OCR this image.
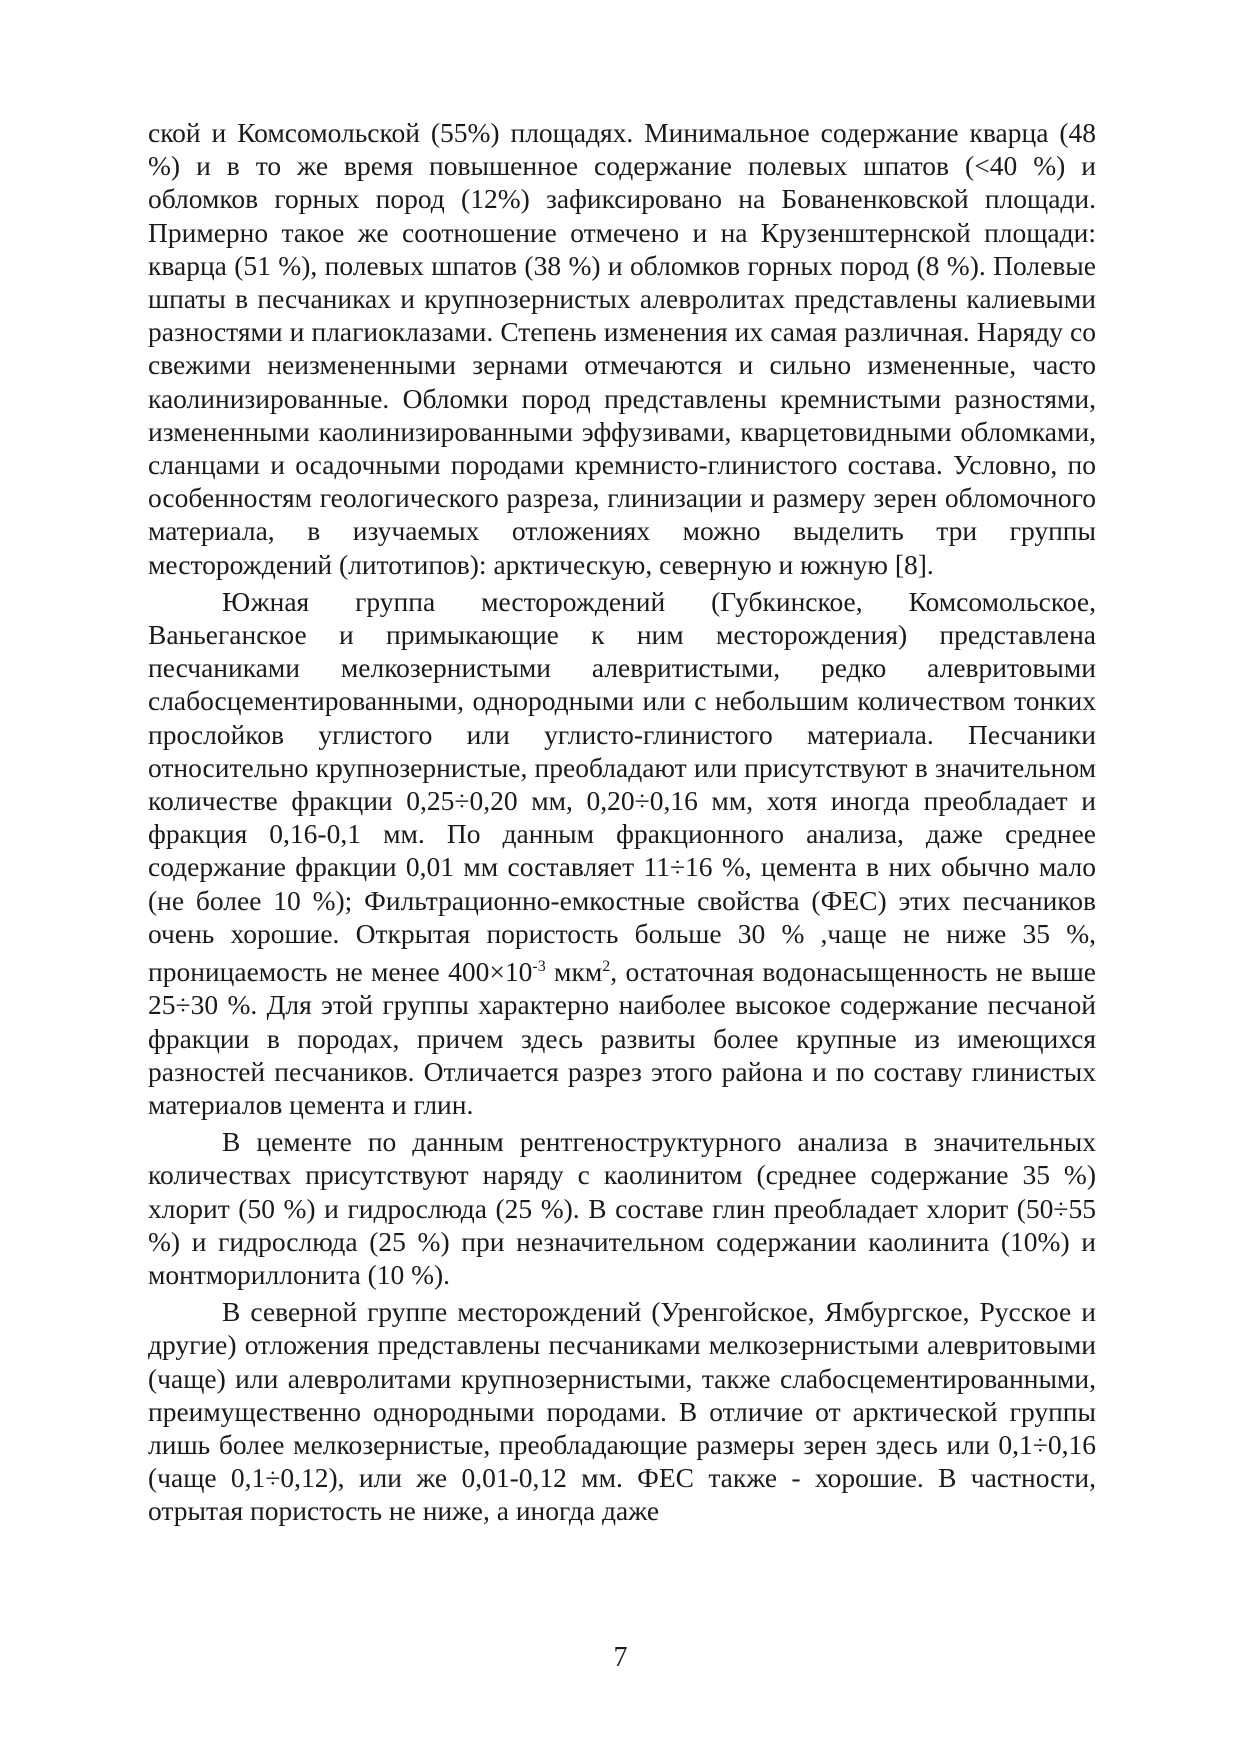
ской и Комсомольской (55%) площадях. Минимальное содержание кварца (48 %) и в то же время повышенное содержание полевых шпатов (<40 %) и обломков горных пород (12%) зафиксировано на Бованенковской площади. Примерно такое же соотношение отмечено и на Крузенштернской площади: кварца (51 %), полевых шпатов (38 %) и обломков горных пород (8 %). Полевые шпаты в песчаниках и крупнозернистых алевролитах представлены калиевыми разностями и плагиоклазами. Степень изменения их самая различная. Наряду со свежими неизмененными зернами отмечаются и сильно измененные, часто каолинизированные. Обломки пород представлены кремнистыми разностями, измененными каолинизированными эффузивами, кварцетовидными обломками, сланцами и осадочными породами кремнисто-глинистого состава. Условно, по особенностям геологического разреза, глинизации и размеру зерен обломочного материала, в изучаемых отложениях можно выделить три группы месторождений (литотипов): арктическую, северную и южную [8].

Южная группа месторождений (Губкинское, Комсомольское, Ваньеганское и примыкающие к ним месторождения) представлена песчаниками мелкозернистыми алевритистыми, редко алевритовыми слабосцементированными, однородными или с небольшим количеством тонких прослойков углистого или углисто-глинистого материала. Песчаники относительно крупнозернистые, преобладают или присутствуют в значительном количестве фракции 0,25÷0,20 мм, 0,20÷0,16 мм, хотя иногда преобладает и фракция 0,16-0,1 мм. По данным фракционного анализа, даже среднее содержание фракции 0,01 мм составляет 11÷16 %, цемента в них обычно мало (не более 10 %); Фильтрационно-емкостные свойства (ФЕС) этих песчаников очень хорошие. Открытая пористость больше 30 % ,чаще не ниже 35 %, проницаемость не менее $400\times 10^{-3}$ мкм$^2$, остаточная водонасыщенность не выше 25÷30 %. Для этой группы характерно наиболее высокое содержание песчаной фракции в породах, причем здесь развиты более крупные из имеющихся разностей песчаников. Отличается разрез этого района и по составу глинистых материалов цемента и глин.

В цементе по данным рентгеноструктурного анализа в значительных количествах присутствуют наряду с каолинитом (среднее содержание 35 %) хлорит (50 %) и гидрослюда (25 %). В составе глин преобладает хлорит (50÷55 %) и гидрослюда (25 %) при незначительном содержании каолинита (10%) и монтмориллонита (10 %).

В северной группе месторождений (Уренгойское, Ямбургское, Русское и другие) отложения представлены песчаниками мелкозернистыми алевритовыми (чаще) или алевролитами крупнозернистыми, также слабосцементированными, преимущественно однородными породами. В отличие от арктической группы лишь более мелкозернистые, преобладающие размеры зерен здесь или 0,1÷0,16 (чаще 0,1÷0,12), или же 0,01-0,12 мм. ФЕС также - хорошие. В частности, отрытая пористость не ниже, а иногда даже

7
